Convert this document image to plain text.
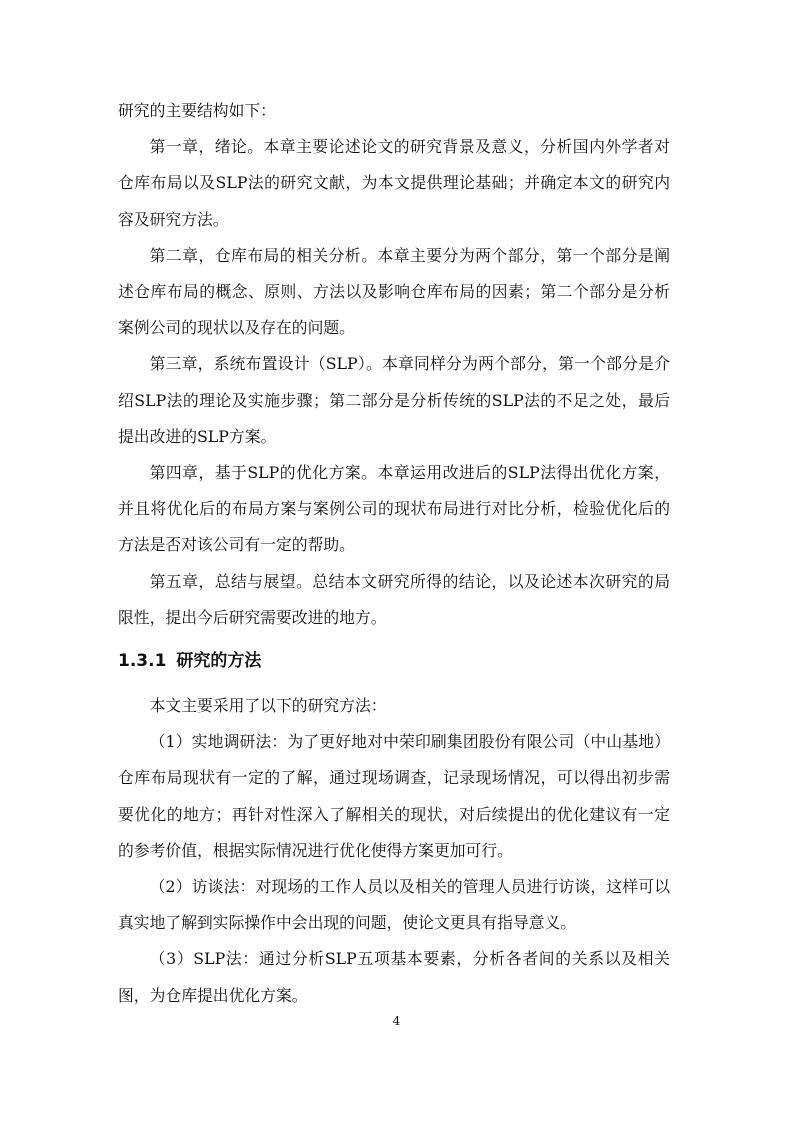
研究的主要结构如下：

第一章，绪论。本章主要论述论文的研究背景及意义，分析国内外学者对仓库布局以及SLP法的研究文献，为本文提供理论基础；并确定本文的研究内容及研究方法。

第二章，仓库布局的相关分析。本章主要分为两个部分，第一个部分是阐述仓库布局的概念、原则、方法以及影响仓库布局的因素；第二个部分是分析案例公司的现状以及存在的问题。

第三章，系统布置设计（SLP）。本章同样分为两个部分，第一个部分是介绍SLP法的理论及实施步骤；第二部分是分析传统的SLP法的不足之处，最后提出改进的SLP方案。

第四章，基于SLP的优化方案。本章运用改进后的SLP法得出优化方案，并且将优化后的布局方案与案例公司的现状布局进行对比分析，检验优化后的方法是否对该公司有一定的帮助。

第五章，总结与展望。总结本文研究所得的结论，以及论述本次研究的局限性，提出今后研究需要改进的地方。

1.3.1 研究的方法

本文主要采用了以下的研究方法：

（1）实地调研法：为了更好地对中荣印刷集团股份有限公司（中山基地）仓库布局现状有一定的了解，通过现场调查，记录现场情况，可以得出初步需要优化的地方；再针对性深入了解相关的现状，对后续提出的优化建议有一定的参考价值，根据实际情况进行优化使得方案更加可行。

（2）访谈法：对现场的工作人员以及相关的管理人员进行访谈，这样可以真实地了解到实际操作中会出现的问题，使论文更具有指导意义。

（3）SLP法：通过分析SLP五项基本要素，分析各者间的关系以及相关图，为仓库提出优化方案。

4
